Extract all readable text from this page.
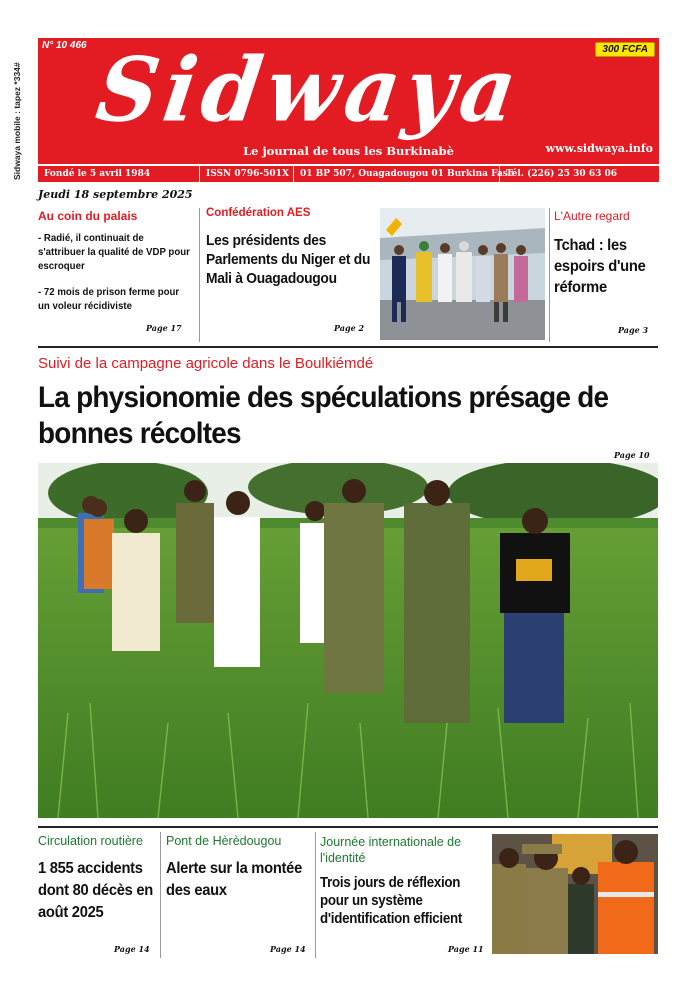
Sidwaya mobile : tapez *334#
N° 10 466 Sidwaya	300 FCFA
Le journal de tous les Burkinabè	www.sidwaya.info
Fondé le 5 avril 1984	ISSN 0796-501X	01 BP 507, Ouagadougou 01 Burkina Faso
Tél. (226) 25 30 63 06
Jeudi 18 septembre 2025
Au coin du palais
- Radié, il continuait de s'attribuer la qualité de VDP pour escroquer
- 72 mois de prison ferme pour un voleur récidiviste
Page 17
Confédération AES
Les présidents des Parlements du Niger et du Mali à Ouagadougou
Page 2
L'Autre regard
Tchad : les espoirs d'une réforme
Page 3
Suivi de la campagne agricole dans le Boulkiémdé
La physionomie des spéculations présage de bonnes récoltes
Page 10
Circulation routière
1 855 accidents dont 80 décès en août 2025
Page 14
Pont de Hèrèdougou
Alerte sur la montée des eaux
Page 14
Journée internationale de l'identité
Trois jours de réflexion pour un système d'identification efficient
Page 11
